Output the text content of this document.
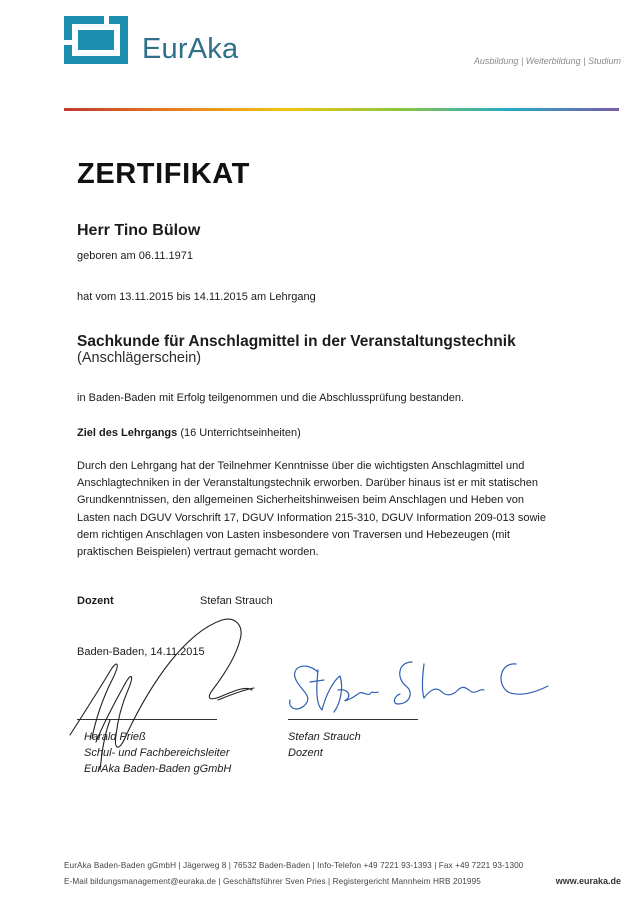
EurAka	Ausbildung | Weiterbildung | Studium
ZERTIFIKAT
Herr Tino Bülow
geboren am 06.11.1971
hat vom 13.11.2015 bis 14.11.2015 am Lehrgang
Sachkunde für Anschlagmittel in der Veranstaltungstechnik
(Anschlägerschein)
in Baden-Baden mit Erfolg teilgenommen und die Abschlussprüfung bestanden.
Ziel des Lehrgangs (16 Unterrichtseinheiten)
Durch den Lehrgang hat der Teilnehmer Kenntnisse über die wichtigsten Anschlagmittel und Anschlagtechniken in der Veranstaltungstechnik erworben. Darüber hinaus ist er mit statischen Grundkenntnissen, den allgemeinen Sicherheitshinweisen beim Anschlagen und Heben von Lasten nach DGUV Vorschrift 17, DGUV Information 215-310, DGUV Information 209-013 sowie dem richtigen Anschlagen von Lasten insbesondere von Traversen und Hebezeugen (mit praktischen Beispielen) vertraut gemacht worden.
Dozent	Stefan Strauch
Baden-Baden, 14.11.2015
Harald Prieß
Schul- und Fachbereichsleiter
EurAka Baden-Baden gGmbH
Stefan Strauch
Dozent
EurAka Baden-Baden gGmbH | Jägerweg 8 | 76532 Baden-Baden | Info-Telefon +49 7221 93-1393 | Fax +49 7221 93-1300
E-Mail bildungsmanagement@euraka.de | Geschäftsführer Sven Pries | Registergericht Mannheim HRB 201995	www.euraka.de
